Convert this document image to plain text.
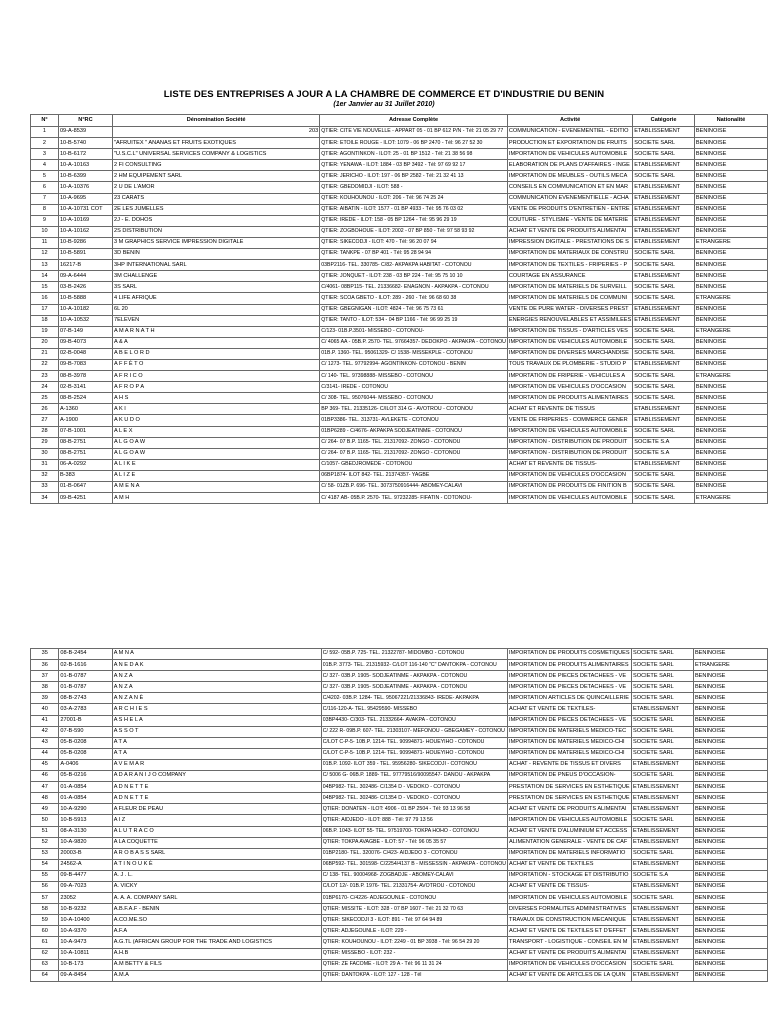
LISTE DES ENTREPRISES A JOUR A LA CHAMBRE DE COMMERCE ET D'INDUSTRIE DU BENIN
(1er Janvier au 31 Juillet 2010)
N°	N°RC	Dénomination Société	Adresse Complète	Activité	Catégorie	Nationalité
1	09-A-8539	203	QTIER: CITE VIE NOUVELLE - APPART 05 - 01 BP 612 P/N - Tél: 21 05 29 77	COMMUNICATION - EVENEMENTIEL - EDITIO	ETABLISSEMENT	BENINOISE
2	10-B-5740	"AFRUITEX " ANANAS ET FRUITS EXOTIQUES	QTIER: ETOILE ROUGE - ILOT: 1079 - 06 BP 2470 - Tél: 96 27 52 30	PRODUCTION ET EXPORTATION DE FRUITS	SOCIETE SARL	BENINOISE
3	10-B-6172	"U.S.C.L" UNIVERSAL SERVICES COMPANY & LOGISTICS	QTIER: AGONTINKON - ILOT: 25 - 01 BP 1512 - Tél: 21 38 56 98	IMPORTATION DE VEHICULES AUTOMOBILE	SOCIETE SARL	BENINOISE
4	10-A-10163	2 FI CONSULTING	QTIER: YENAWA - ILOT: 1884 - 03 BP 3492 - Tél: 97 69 92 17	ELABORATION DE PLANS D'AFFAIRES - INGE	ETABLISSEMENT	BENINOISE
5	10-B-6399	2 HM EQUIPEMENT SARL	QTIER: JERICHO - ILOT: 197 - 06 BP 2582 - Tél: 21 32 41 13	IMPORTATION DE MEUBLES - OUTILS MECA	SOCIETE SARL	BENINOISE
6	10-A-10376	2 U DE L'AMOR	QTIER: GBEDOMIDJI - ILOT: 588 -	CONSEILS EN COMMUNICATION ET EN MAR	ETABLISSEMENT	BENINOISE
7	10-A-9695	23 CARATS	QTIER: KOUHOUNOU - ILOT: 206 - Tél: 96 74 25 24	COMMUNICATION EVENEMENTIELLE - ACHA	ETABLISSEMENT	BENINOISE
8	10-A-10731 COT	2E LES JUMELLES	QTIER: AIBATIN - ILOT: 1577 - 01 BP 4933 - Tél: 95 76 03 02	VENTE DE PRODUITS D'ENTRETIEN - ENTRE	ETABLISSEMENT	BENINOISE
9	10-A-10169	2J - E. DOHOS	QTIER: IREDE - ILOT: 158 - 05 BP 1264 - Tél: 95 96 29 19	COUTURE - STYLISME - VENTE DE MATERIE	ETABLISSEMENT	BENINOISE
10	10-A-10162	2S DISTRIBUTION	QTIER: ZOGBOHOUE - ILOT: 2002 - 07 BP 850 - Tél: 97 58 93 92	ACHAT ET VENTE DE PRODUITS ALIMENTAI	ETABLISSEMENT	BENINOISE
11	10-B-9286	3 M GRAPHICS SERVICE IMPRESSION DIGITALE	QTIER: SIKECODJI - ILOT: 470 - Tél: 96 20 07 94	IMPRESSION DIGITALE - PRESTATIONS DE S	ETABLISSEMENT	ETRANGERE
12	10-B-5891	3D BENIN	QTIER: TANKPE - 07 BP 401 - Tél: 95 28 94 94	IMPORTATION DE MATERIAUX DE CONSTRU	SOCIETE SARL	BENINOISE
13	16217-B	3HP INTERNATIONAL SARL	03BP2116- TEL. 330785- C/82- AKPAKPA HABITAT - COTONOU	IMPORTATION DE TEXTILES - FRIPERIES - P	SOCIETE SARL	BENINOISE
14	09-A-6444	3M CHALLENGE	QTIER: JONQUET - ILOT: 238 - 03 BP 224 - Tél: 95 75 10 10	COURTAGE EN ASSURANCE	ETABLISSEMENT	BENINOISE
15	03-B-2426	3S SARL	C/4061- 08BP115- TEL. 21336682- ENAGNON - AKPAKPA - COTONOU	IMPORTATION DE MATERIELS DE SURVEILL	SOCIETE SARL	BENINOISE
16	10-B-5888	4 LIFE AFRIQUE	QTIER: SCOA GBETO - ILOT: 289 - 260 - Tél: 96 68 60 38	IMPORTATION DE MATERIELS DE COMMUNI	SOCIETE SARL	ETRANGERE
17	10-A-10182	6L 20	QTIER: GBEGNIGAN - ILOT: 4824 - Tél: 96 75 73 61	VENTE DE PURE WATER - DIVERSES PREST	ETABLISSEMENT	BENINOISE
18	10-A-10532	7ELEVEN	QTIER: TANTO - ILOT: 534 - 04 BP 1166 - Tél: 96 99 25 19	ENERGIES RENOUVELABLES ET ASSIMILEES	ETABLISSEMENT	BENINOISE
19	07-B-149	A M A R N A T H	C/123- 01B.P.3501- MISSEBO - COTONOU-	IMPORTATION DE TISSUS - D'ARTICLES VES	SOCIETE SARL	ETRANGERE
20	09-B-4073	A & A	C/ 4065 AA - 05B.P. 2570- TEL. 97664357- DEDOKPO - AKPAKPA - COTONOU	IMPORTATION DE VEHICULES AUTOMOBILE	SOCIETE SARL	BENINOISE
21	02-B-0048	A B E L O R D	01B.P. 1360- TEL. 95061329- C/ 1538- MISSEKPLE - COTONOU	IMPORTATION DE DIVERSES MARCHANDISE	SOCIETE SARL	BENINOISE
22	09-B-7083	A F F È T O	C/ 1273- TEL. 97792994- AGONTINKON- COTONOU - BENIN	TOUS TRAVAUX DE PLOMBERIE - STUDIO P	ETABLISSEMENT	BENINOISE
23	08-B-3978	A F R I C O	C/ 140- TEL. 97398888- MISSEBO - COTONOU	IMPORTATION DE FRIPERIE - VEHICULES A	SOCIETE SARL	ETRANGERE
24	02-B-3141	A F R O P A	C/3141- IREDE - COTONOU	IMPORTATION DE VEHICULES D'OCCASION	SOCIETE SARL	BENINOISE
25	08-B-2524	A H S	C/ 308- TEL. 95076044- MISSEBO - COTONOU	IMPORTATION DE PRODUITS ALIMENTAIRES	SOCIETE SARL	BENINOISE
26	A-1360	A K I	BP 369- TEL. 21335126- C/ILOT 314 G - AVOTROU - COTONOU	ACHAT ET REVENTE DE TISSUS	ETABLISSEMENT	BENINOISE
27	A-1900	A K U D O	01BP3386- TEL. 313731- AVLEKETE - COTONOU	VENTE DE FRIPERIES - COMMERCE GENER	ETABLISSEMENT	BENINOISE
28	07-B-1001	A L E X	01BP6289 - C/4676- AKPAKPA SODJEATINME - COTONOU	IMPORTATION DE VEHICULES AUTOMOBILE	SOCIETE SARL	BENINOISE
29	08-B-2751	A L G O A W	C/ 264- 07 B.P. 1165- TEL. 21317092- ZONGO - COTONOU	IMPORTATION - DISTRIBUTION DE PRODUIT	SOCIETE S.A	BENINOISE
30	08-B-2751	A L G O A W	C/ 264- 07 B.P. 1165- TEL. 21317092- ZONGO - COTONOU	IMPORTATION - DISTRIBUTION DE PRODUIT	SOCIETE S.A	BENINOISE
31	06-A-0292	A L I K E	C/1057- GBEDJROMEDE - COTONOU	ACHAT ET REVENTE DE TISSUS-	ETABLISSEMENT	BENINOISE
32	B-383	A L I Z E	06BP1874- ILOT 842- TEL. 21374357- YAGBE	IMPORTATION DE VEHICULES D'OCCASION	SOCIETE SARL	BENINOISE
33	01-B-0647	A M E N A	C/ 58- 01ZB.P. 696- TEL. 3073750916444- ABOMEY-CALAVI	IMPORTATION DE PRODUITS DE FINITION B	SOCIETE SARL	BENINOISE
34	09-B-4251	A M H	C/ 4187 AB- 05B.P. 2570- TEL. 97232285- FIFATIN - COTONOU-	IMPORTATION DE VEHICULES AUTOMOBILE	SOCIETE SARL	ETRANGERE
35	08-B-2454	A M N A	C/ 592- 05B.P. 725- TEL. 21322787- MIDOMBO - COTONOU	IMPORTATION DE PRODUITS COSMETIQUES	SOCIETE SARL	BENINOISE
36	02-B-1616	A N E D A K	01B.P. 3773- TEL. 21315932- C/LOT 116-140 "C" DANTOKPA - COTONOU	IMPORTATION DE PRODUITS ALIMENTAIRES	SOCIETE SARL	ETRANGERE
37	01-B-0787	A N Z A	C/ 327- 03B.P. 1905- SODJEATINME - AKPAKPA - COTONOU	IMPORTATION DE PIECES DETACHEES - VE	SOCIETE SARL	BENINOISE
38	01-B-0787	A N Z A	C/ 327- 03B.P. 1905- SODJEATINME - AKPAKPA - COTONOU	IMPORTATION DE PIECES DETACHEES - VE	SOCIETE SARL	BENINOISE
39	08-B-2743	A N Z A N È	C/4202- 03B.P. 1284- TEL. 95067221/21336843- IREDE- AKPAKPA	IMPORTATION ARTICLES DE QUINCAILLERIE	SOCIETE SARL	BENINOISE
40	03-A-2783	A R C H I E S	C/116-120-A- TEL. 95429590- MISSEBO	ACHAT ET VENTE DE TEXTILES-	ETABLISSEMENT	BENINOISE
41	27001-B	A S H E L A	03BP4430- C/303- TEL. 21332664- AVAKPA - COTONOU	IMPORTATION DE PIECES DETACHEES - VE	SOCIETE SARL	BENINOISE
42	07-B-590	A S S O T	C/ 222 R- 09B.P. 607- TEL. 21303107- MEFONOU - GBEGAMEY - COTONOU	IMPORTATION DE MATERIELS MEDICO-TEC	SOCIETE SARL	BENINOISE
43	05-B-0208	A T A	C/LOT C-P-5- 10B.P. 1214- TEL. 90994871- HOUEYIHO - COTONOU	IMPORTATION DE MATERIELS MEDICO-CHI	SOCIETE SARL	BENINOISE
44	05-B-0208	A T A	C/LOT C-P-5- 10B.P. 1214- TEL. 90994871- HOUEYIHO - COTONOU	IMPORTATION DE MATERIELS MEDICO-CHI	SOCIETE SARL	BENINOISE
45	A-0406	A V E M A R	01B.P. 1092- ILOT 359 - TEL. 95956280- SIKECODJI - COTONOU	ACHAT - REVENTE DE TISSUS ET DIVERS	ETABLISSEMENT	BENINOISE
46	05-B-0216	A D A R A N I J O COMPANY	C/ 5006 G- 06B.P. 1889- TEL. 97779516/90095547- DANOU - AKPAKPA	IMPORTATION DE PNEUS D'OCCASION-	SOCIETE SARL	BENINOISE
47	01-A-0854	A D N E T T E	04BP982- TEL. 302486- C/1354 D - VEDOKO - COTONOU	PRESTATION DE SERVICES EN ESTHETIQUE	ETABLISSEMENT	BENINOISE
48	01-A-0854	A D N E T T E	04BP982- TEL. 302486- C/1354 D - VEDOKO - COTONOU	PRESTATION DE SERVICES EN ESTHETIQUE	ETABLISSEMENT	BENINOISE
49	10-A-9290	A FLEUR DE PEAU	QTIER: DONATEN - ILOT: 4906 - 01 BP 2504 - Tél: 93 13 96 58	ACHAT ET VENTE DE PRODUITS ALIMENTAI	ETABLISSEMENT	BENINOISE
50	10-B-5913	A I Z	QTIER: AIDJEDO - ILOT: 888 - Tél: 97 79 13 56	IMPORTATION DE VEHICULES AUTOMOBILE	SOCIETE SARL	BENINOISE
51	08-A-3130	A L U T R A C O	06B.P. 1043- ILOT 55- TEL. 97519700- TOKPA HOHO - COTONOU	ACHAT ET VENTE D'ALUMINIUM ET ACCESS	ETABLISSEMENT	BENINOISE
52	10-A-9820	A LA COQUETTE	QTIER: TOKPA AVAGBE - ILOT: 57 - Tél: 96 05 35 57	ALIMENTATION GENERALE - VENTE DE CAF	ETABLISSEMENT	BENINOISE
53	20003-B	A R O B A S S SARL	01BP2180- TEL. 320076- C/423- AIDJEDO 3 - COTONOU	IMPORTATION DE MATERIELS INFORMATIO	SOCIETE SARL	BENINOISE
54	24562-A	A T I N O U K È	06BP592- TEL. 301598- C/2254/4137 B - MISSESSIN - AKPAKPA - COTONOU	ACHAT ET VENTE DE TEXTILES	ETABLISSEMENT	BENINOISE
55	09-B-4477	A. J . L.	C/ 138- TEL. 90004968- ZOGBADJE - ABOMEY-CALAVI	IMPORTATION - STOCKAGE ET DISTRIBUTIO	SOCIETE S.A	BENINOISE
56	09-A-7023	A. VICKY	C/LOT 12/- 01B.P. 1976- TEL. 21331754- AVOTROU - COTONOU	ACHAT ET VENTE DE TISSUS-	ETABLISSEMENT	BENINOISE
57	23052	A. A. A. COMPANY SARL	01BP6170- C/4226- ADJEGOUNLE - COTONOU	IMPORTATION DE VEHICULES AUTOMOBILE	SOCIETE SARL	BENINOISE
58	10-B-9232	A.B.F.A.F - BENIN	QTIER: MISSITE - ILOT: 328 - 07 BP 1607 - Tél: 21 32 70 63	DIVERSES FORMALITES ADMINISTRATIVES	ETABLISSEMENT	BENINOISE
59	10-A-10400	A.CO.ME.SO	QTIER: SIKECODJI 3 - ILOT: 891 - Tél: 97 64 94 89	TRAVAUX DE CONSTRUCTION MECANIQUE	ETABLISSEMENT	BENINOISE
60	10-A-9370	A.F.A	QTIER: ADJEGOUNLE - ILOT: 229 -	ACHAT ET VENTE DE TEXTILES ET D'EFFET	ETABLISSEMENT	BENINOISE
61	10-A-9473	A.G.TL (AFRICAN GROUP FOR THE TRADE AND LOGISTICS	QTIER: KOUHOUNOU - ILOT: 2249 - 01 BP 3938 - Tél: 96 54 29 20	TRANSPORT - LOGISTIQUE - CONSEIL EN M	ETABLISSEMENT	BENINOISE
62	10-A-10811	A.H.B	QTIER: MISSEBO - ILOT: 232 -	ACHAT ET VENTE DE PRODUITS ALIMENTAI	ETABLISSEMENT	BENINOISE
63	10-B-173	A.M BETTY & FILS	QTIER: ZE FACOME - ILOT: 29 A - Tél: 96 11 31 24	IMPORTATION DE VEHICULES D'OCCASION	SOCIETE SARL	BENINOISE
64	09-A-8454	A.M.A	QTIER: DANTOKPA - ILOT: 127 - 128 - Tél	ACHAT ET VENTE DE ARTCLES DE LA QUIN	ETABLISSEMENT	BENINOISE
